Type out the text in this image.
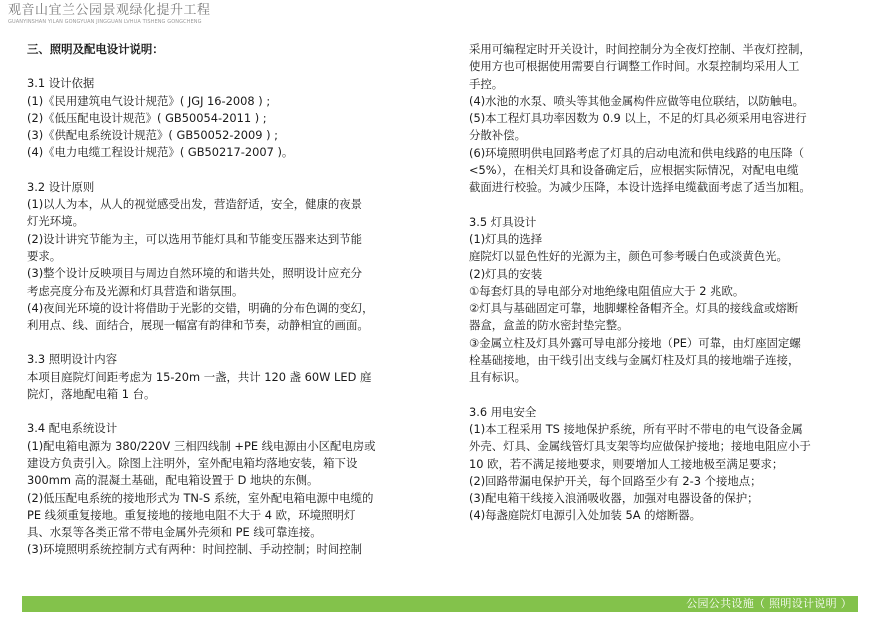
观音山宜兰公园景观绿化提升工程
GUANYINSHAN YILAN GONGYUAN JINGGUAN LVHUA TISHENG GONGCHENG

三、照明及配电设计说明：

3.1 设计依据

(1)《民用建筑电气设计规范》( JGJ 16-2008 ) ;

(2)《低压配电设计规范》( GB50054-2011 ) ;

(3)《供配电系统设计规范》( GB50052-2009 ) ;

(4)《电力电缆工程设计规范》( GB50217-2007 )。

3.2 设计原则

(1)以人为本，从人的视觉感受出发，营造舒适，安全，健康的夜景

灯光环境。

(2)设计讲究节能为主，可以选用节能灯具和节能变压器来达到节能

要求。

(3)整个设计反映项目与周边自然环境的和谐共处，照明设计应充分

考虑亮度分布及光源和灯具营造和谐氛围。

(4)夜间光环境的设计将借助于光影的交错，明确的分布色调的变幻，

利用点、线、面结合，展现一幅富有韵律和节奏，动静相宜的画面。

3.3 照明设计内容

本项目庭院灯间距考虑为 15-20m 一盏，共计 120 盏 60W LED 庭

院灯，落地配电箱 1 台。

3.4 配电系统设计

(1)配电箱电源为 380/220V 三相四线制 +PE 线电源由小区配电房或

建设方负责引入。除图上注明外，室外配电箱均落地安装，箱下设

300mm 高的混凝土基础，配电箱设置于 D 地块的东侧。

(2)低压配电系统的接地形式为 TN-S 系统，室外配电箱电源中电缆的

PE 线须重复接地。重复接地的接地电阻不大于 4 欧，环境照明灯

具、水泵等各类正常不带电金属外壳须和 PE 线可靠连接。

(3)环境照明系统控制方式有两种：时间控制、手动控制；时间控制

采用可编程定时开关设计，时间控制分为全夜灯控制、半夜灯控制，

使用方也可根据使用需要自行调整工作时间。水泵控制均采用人工

手控。

(4)水池的水泵、喷头等其他金属构件应做等电位联结，以防触电。

(5)本工程灯具功率因数为 0.9 以上，不足的灯具必须采用电容进行

分散补偿。

(6)环境照明供电回路考虑了灯具的启动电流和供电线路的电压降（

<5%），在相关灯具和设备确定后，应根据实际情况，对配电电缆

截面进行校验。为减少压降，本设计选择电缆截面考虑了适当加粗。

3.5 灯具设计

(1)灯具的选择

庭院灯以显色性好的光源为主，颜色可参考暖白色或淡黄色光。

(2)灯具的安装

①每套灯具的导电部分对地绝缘电阻值应大于 2 兆欧。

②灯具与基础固定可靠，地脚螺栓备帽齐全。灯具的接线盒或熔断

器盒，盒盖的防水密封垫完整。

③金属立柱及灯具外露可导电部分接地（PE）可靠，由灯座固定螺

栓基础接地，由干线引出支线与金属灯柱及灯具的接地端子连接，

且有标识。

3.6 用电安全

(1)本工程采用 TS 接地保护系统，所有平时不带电的电气设备金属

外壳、灯具、金属线管灯具支架等均应做保护接地；接地电阻应小于

10 欧，若不满足接地要求，则要增加人工接地极至满足要求；

(2)回路带漏电保护开关，每个回路至少有 2-3 个接地点；

(3)配电箱干线接入浪涌吸收器，加强对电器设备的保护；

(4)每盏庭院灯电源引入处加装 5A 的熔断器。

公园公共设施（ 照明设计说明 ）
